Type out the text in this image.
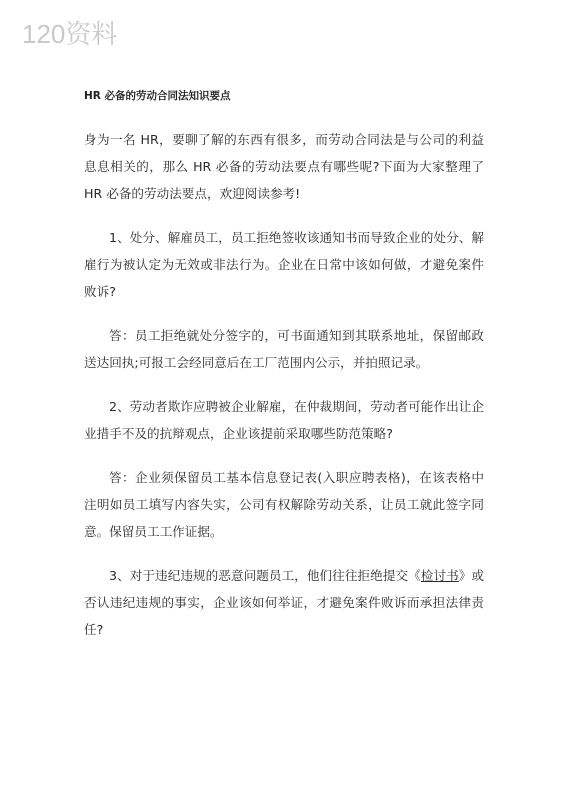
120资料
HR 必备的劳动合同法知识要点

身为一名 HR，要聊了解的东西有很多，而劳动合同法是与公司的利益息息相关的，那么 HR 必备的劳动法要点有哪些呢?下面为大家整理了 HR 必备的劳动法要点，欢迎阅读参考!

1、处分、解雇员工，员工拒绝签收该通知书而导致企业的处分、解雇行为被认定为无效或非法行为。企业在日常中该如何做，才避免案件败诉?

答：员工拒绝就处分签字的，可书面通知到其联系地址，保留邮政送达回执;可报工会经同意后在工厂范围内公示，并拍照记录。

2、劳动者欺诈应聘被企业解雇，在仲裁期间，劳动者可能作出让企业措手不及的抗辩观点，企业该提前采取哪些防范策略?

答：企业须保留员工基本信息登记表(入职应聘表格)，在该表格中注明如员工填写内容失实，公司有权解除劳动关系，让员工就此签字同意。保留员工工作证据。

3、对于违纪违规的恶意问题员工，他们往往拒绝提交《检讨书》或否认违纪违规的事实，企业该如何举证，才避免案件败诉而承担法律责任?
